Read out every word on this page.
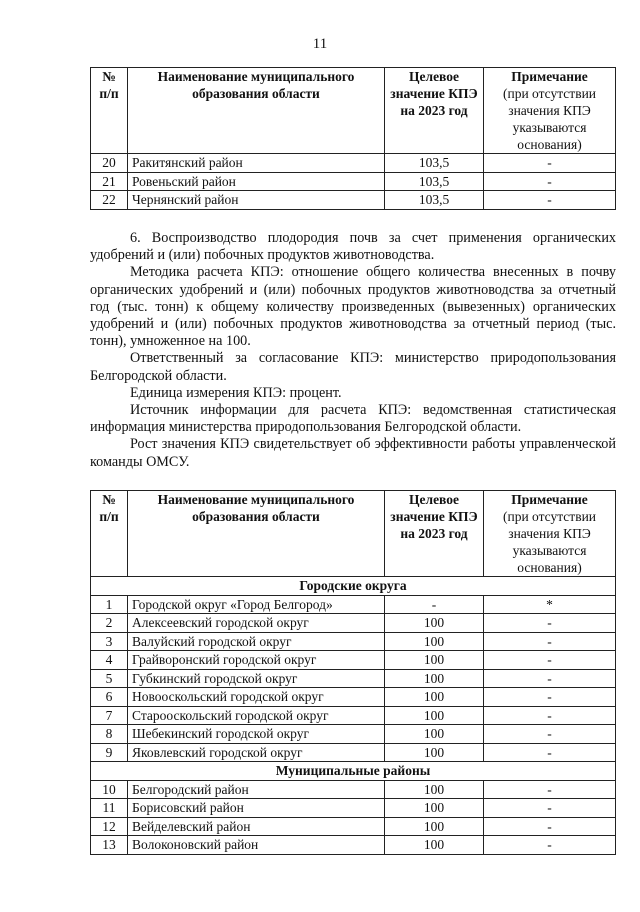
11
№ п/п	Наименование муниципального образования области	Целевое значение КПЭ на 2023 год	Примечание
(при отсутствии значения КПЭ указываются основания)

20	Ракитянский район	103,5	-
21	Ровеньский район	103,5	-
22	Чернянский район	103,5	-

6. Воспроизводство плодородия почв за счет применения органических удобрений и (или) побочных продуктов животноводства.

Методика расчета КПЭ: отношение общего количества внесенных в почву органических удобрений и (или) побочных продуктов животноводства за отчетный год (тыс. тонн) к общему количеству произведенных (вывезенных) органических удобрений и (или) побочных продуктов животноводства за отчетный период (тыс. тонн), умноженное на 100.

Ответственный за согласование КПЭ: министерство природопользования Белгородской области.

Единица измерения КПЭ: процент.

Источник информации для расчета КПЭ: ведомственная статистическая информация министерства природопользования Белгородской области.

Рост значения КПЭ свидетельствует об эффективности работы управленческой команды ОМСУ.

№ п/п	Наименование муниципального образования области	Целевое значение КПЭ на 2023 год	Примечание
(при отсутствии значения КПЭ указываются основания)

Городские округа			
1	Городской округ «Город Белгород»	-	*
2	Алексеевский городской округ	100	-
3	Валуйский городской округ	100	-
4	Грайворонский городской округ	100	-
5	Губкинский городской округ	100	-
6	Новооскольский городской округ	100	-
7	Старооскольский городской округ	100	-
8	Шебекинский городской округ	100	-
9	Яковлевский городской округ	100	-
Муниципальные районы			
10	Белгородский район	100	-
11	Борисовский район	100	-
12	Вейделевский район	100	-
13	Волоконовский район	100	-
